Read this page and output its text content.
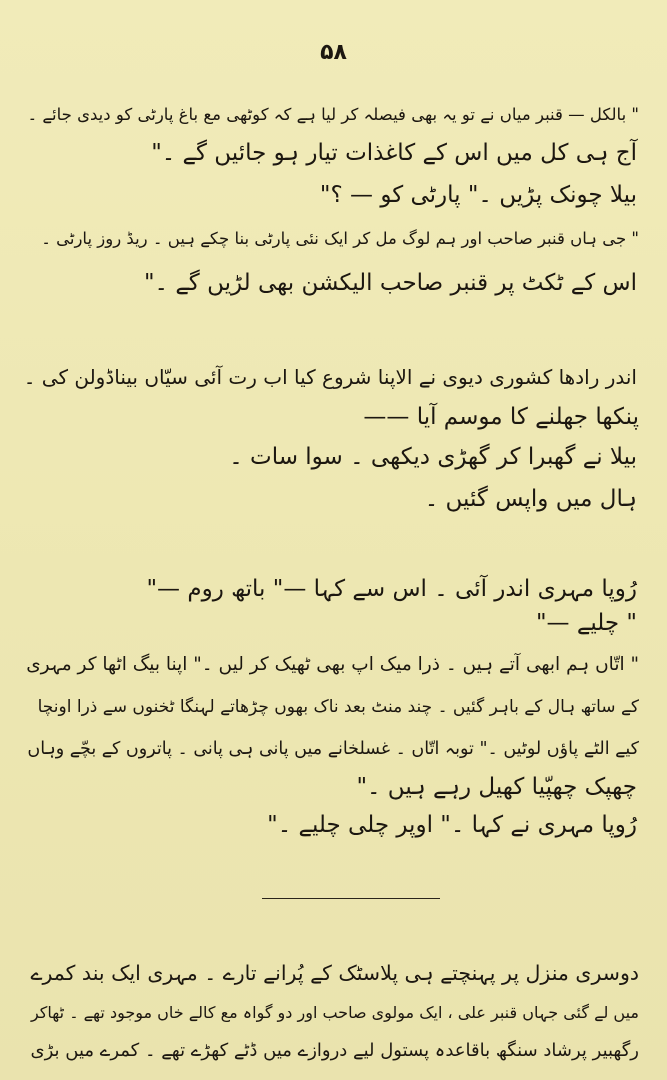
۵۸
" بالکل — قنبر میاں نے تو یہ بھی فیصلہ کر لیا ہے کہ کوٹھی مع باغ پارٹی کو دیدی جائے ۔
آج ہی کل میں اس کے کاغذات تیار ہو جائیں گے ۔"
بیلا چونک پڑیں ۔" پارٹی کو — ؟"
" جی ہاں قنبر صاحب اور ہم لوگ مل کر ایک نئی پارٹی بنا چکے ہیں ۔ ریڈ روز پارٹی ۔
اس کے ٹکٹ پر قنبر صاحب الیکشن بھی لڑیں گے ۔"
اندر رادھا کشوری دیوی نے الاپنا شروع کیا اب رت آئی سیّاں بیناڈولن کی ۔
پنکھا جھلنے کا موسم آیا ——
بیلا نے گھبرا کر گھڑی دیکھی ۔ سوا سات ۔
ہال میں واپس گئیں ۔
رُوپا مہری اندر آئی ۔ اس سے کہا —" باتھ روم —"
" چلیے —"
" اتّاں ہم ابھی آتے ہیں ۔ ذرا میک اپ بھی ٹھیک کر لیں ۔" اپنا بیگ اٹھا کر مہری
کے ساتھ ہال کے باہر گئیں ۔ چند منٹ بعد ناک بھوں چڑھاتے لہنگا ٹخنوں سے ذرا اونچا
کیے الٹے پاؤں لوٹیں ۔" توبہ اتّاں ۔ غسلخانے میں پانی ہی پانی ۔ پاتروں کے بچّے وہاں
چھپک چھپّیا کھیل رہے ہیں ۔"
رُوپا مہری نے کہا ۔" اوپر چلی چلیے ۔"
دوسری منزل پر پہنچتے ہی پلاسٹک کے پُرانے تارے ۔ مہری ایک بند کمرے
میں لے گئی جہاں قنبر علی ، ایک مولوی صاحب اور دو گواہ مع کالے خاں موجود تھے ۔ ٹھاکر
رگھبیر پرشاد سنگھ باقاعدہ پستول لیے دروازے میں ڈٹے کھڑے تھے ۔ کمرے میں بڑی
